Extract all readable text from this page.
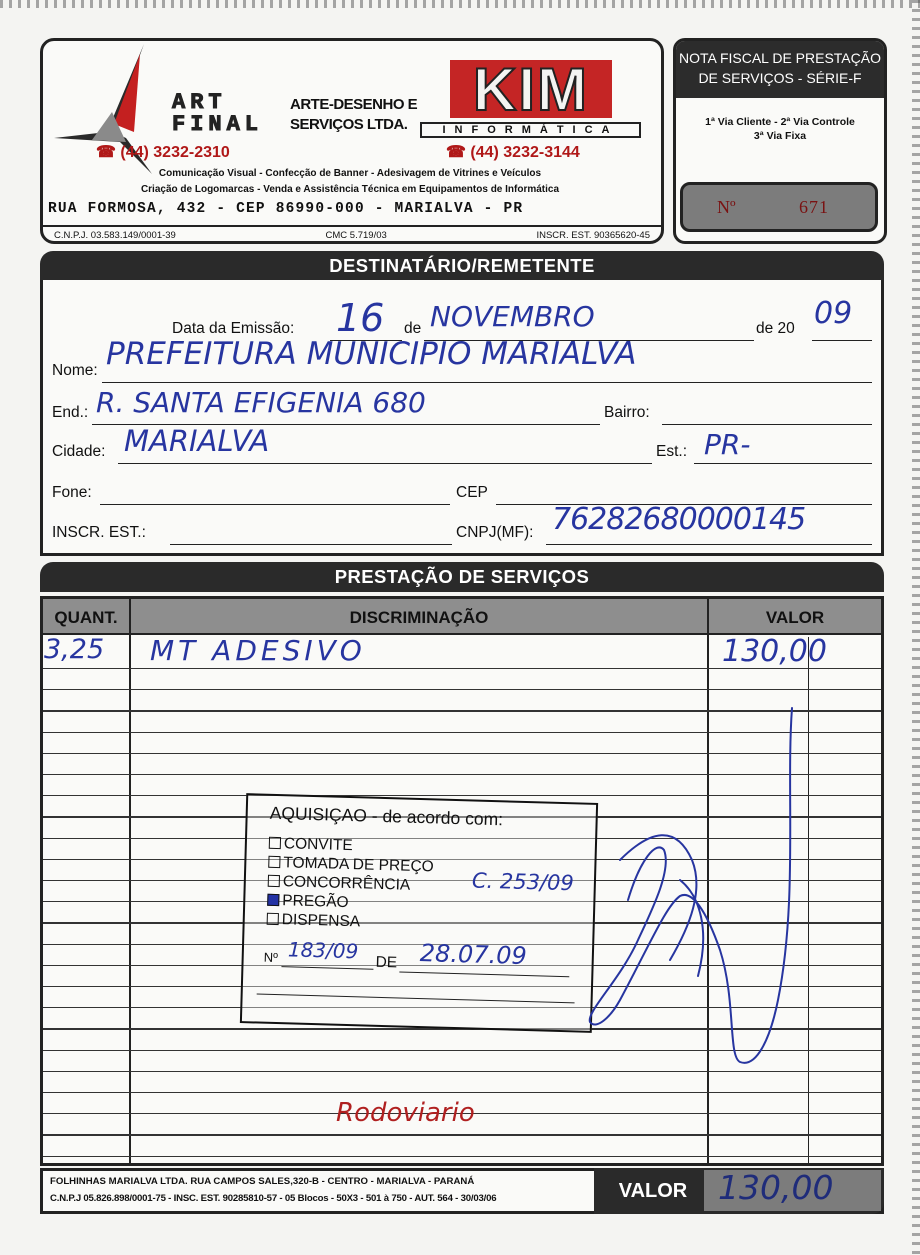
ART
FINAL
ARTE-DESENHO E
SERVIÇOS LTDA.
☎ (44) 3232-2310
KIM
INFORMÁTICA
☎ (44) 3232-3144
Comunicação Visual - Confecção de Banner - Adesivagem de Vitrines e Veículos
Criação de Logomarcas - Venda e Assistência Técnica em Equipamentos de Informática
RUA FORMOSA, 432 - CEP 86990-000 - MARIALVA - PR
C.N.P.J. 03.583.149/0001-39	CMC 5.719/03	INSCR. EST. 90365620-45
NOTA FISCAL DE PRESTAÇÃO
DE SERVIÇOS - SÉRIE-F
1ª Via Cliente - 2ª Via Controle
3ª Via Fixa
Nº	671
DESTINATÁRIO/REMETENTE
Data da Emissão: 16 de NOVEMBRO	de 20 09
Nome: PREFEITURA MUNICIPIO MARIALVA
End.: R. SANTA EFIGENIA 680	Bairro:
Cidade: MARIALVA	Est.: PR-
Fone:	CEP
INSCR. EST.:	CNPJ(MF): 76282680000145
PRESTAÇÃO DE SERVIÇOS
QUANT.	DISCRIMINAÇÃO	VALOR
3,25 MT ADESIVO	130,00
Rodoviario
AQUISIÇAO - de acordo com:
CONVITE
TOMADA DE PREÇO
CONCORRÊNCIA
PREGÃO
DISPENSA
C. 253/09
Nº 183/09 DE 28.07.09
FOLHINHAS MARIALVA LTDA. RUA CAMPOS SALES,320-B - CENTRO - MARIALVA - PARANÁ
C.N.P.J 05.826.898/0001-75 - INSC. EST. 90285810-57 - 05 Blocos - 50X3 - 501 à 750 - AUT. 564 - 30/03/06	VALOR 130,00
